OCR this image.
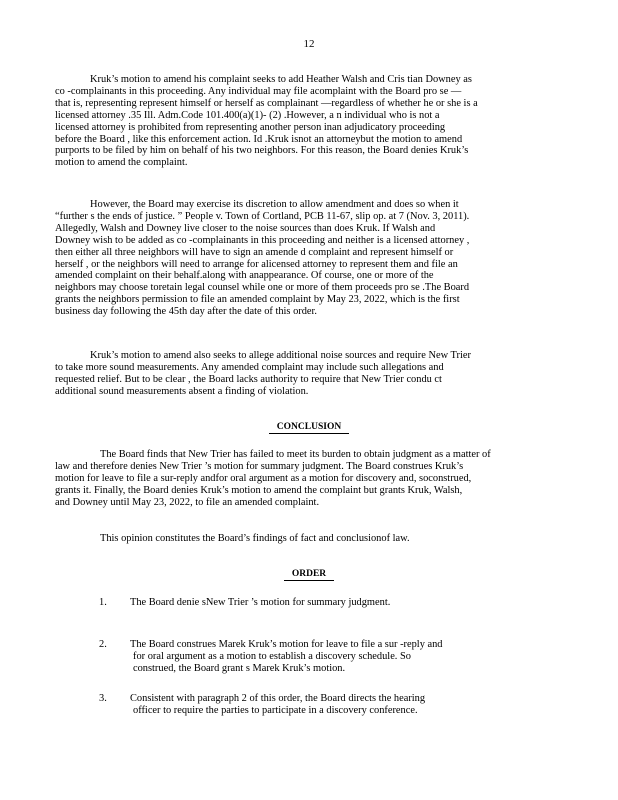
12
Kruk’s motion to amend his complaint seeks to add Heather Walsh and Cris tian Downey as
co -complainants in this proceeding. Any individual may file acomplaint with the Board pro se —
that is, representing represent himself or herself as complainant —regardless of whether he or she is a
licensed attorney .35 Ill. Adm.Code 101.400(a)(1)- (2) .However, a n individual who is not a
licensed attorney is prohibited from representing another person inan adjudicatory proceeding
before the Board , like this enforcement action. Id .Kruk isnot an attorneybut the motion to amend
purports to be filed by him on behalf of his two neighbors. For this reason, the Board denies Kruk’s
motion to amend the complaint.
However, the Board may exercise its discretion to allow amendment and does so when it
“further s the ends of justice. ” People v. Town of Cortland, PCB 11-67, slip op. at 7 (Nov. 3, 2011).
Allegedly, Walsh and Downey live closer to the noise sources than does Kruk. If Walsh and
Downey wish to be added as co -complainants in this proceeding and neither is a licensed attorney ,
then either all three neighbors will have to sign an amende d complaint and represent himself or
herself , or the neighbors will need to arrange for alicensed attorney to represent them and file an
amended complaint on their behalf.along with anappearance. Of course, one or more of the
neighbors may choose toretain legal counsel while one or more of them proceeds pro se .The Board
grants the neighbors permission to file an amended complaint by May 23, 2022, which is the first
business day following the 45th day after the date of this order.
Kruk’s motion to amend also seeks to allege additional noise sources and require New Trier
to take more sound measurements. Any amended complaint may include such allegations and
requested relief. But to be clear , the Board lacks authority to require that New Trier condu ct
additional sound measurements absent a finding of violation.
CONCLUSION
The Board finds that New Trier has failed to meet its burden to obtain judgment as a matter of
law and therefore denies New Trier ’s motion for summary judgment. The Board construes Kruk’s
motion for leave to file a sur-reply andfor oral argument as a motion for discovery and, soconstrued,
grants it. Finally, the Board denies Kruk’s motion to amend the complaint but grants Kruk, Walsh,
and Downey until May 23, 2022, to file an amended complaint.
This opinion constitutes the Board’s findings of fact and conclusionof law.
ORDER
1.	The Board denie sNew Trier ’s motion for summary judgment.
2.	The Board construes Marek Kruk’s motion for leave to file a sur -reply and
for oral argument as a motion to establish a discovery schedule. So
construed, the Board grant s Marek Kruk’s motion.
3.	Consistent with paragraph 2 of this order, the Board directs the hearing
officer to require the parties to participate in a discovery conference.
